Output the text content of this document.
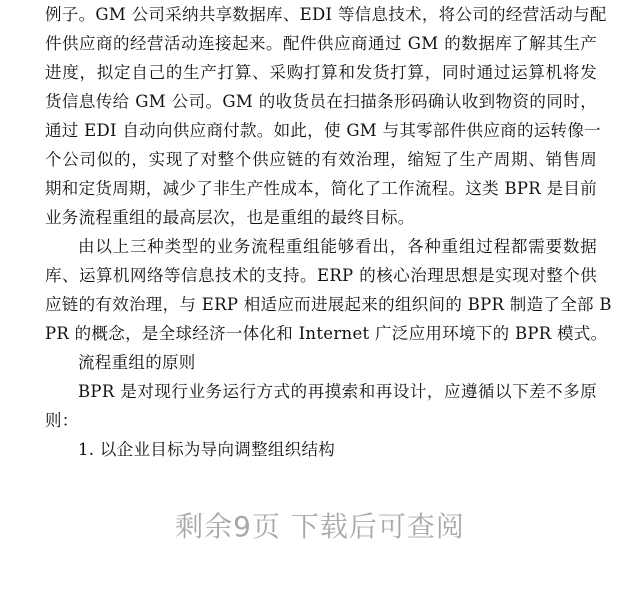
例子。GM 公司采纳共享数据库、EDI 等信息技术，将公司的经营活动与配
件供应商的经营活动连接起来。配件供应商通过 GM 的数据库了解其生产
进度，拟定自己的生产打算、采购打算和发货打算，同时通过运算机将发
货信息传给 GM 公司。GM 的收货员在扫描条形码确认收到物资的同时，
通过 EDI 自动向供应商付款。如此，使 GM 与其零部件供应商的运转像一
个公司似的，实现了对整个供应链的有效治理，缩短了生产周期、销售周
期和定货周期，减少了非生产性成本，简化了工作流程。这类 BPR 是目前
业务流程重组的最高层次，也是重组的最终目标。
由以上三种类型的业务流程重组能够看出，各种重组过程都需要数据
库、运算机网络等信息技术的支持。ERP 的核心治理思想是实现对整个供
应链的有效治理，与 ERP 相适应而进展起来的组织间的 BPR 制造了全部 B
PR 的概念，是全球经济一体化和 Internet 广泛应用环境下的 BPR 模式。
流程重组的原则
BPR 是对现行业务运行方式的再摸索和再设计，应遵循以下差不多原
则：
1. 以企业目标为导向调整组织结构
剩余9页 下载后可查阅
